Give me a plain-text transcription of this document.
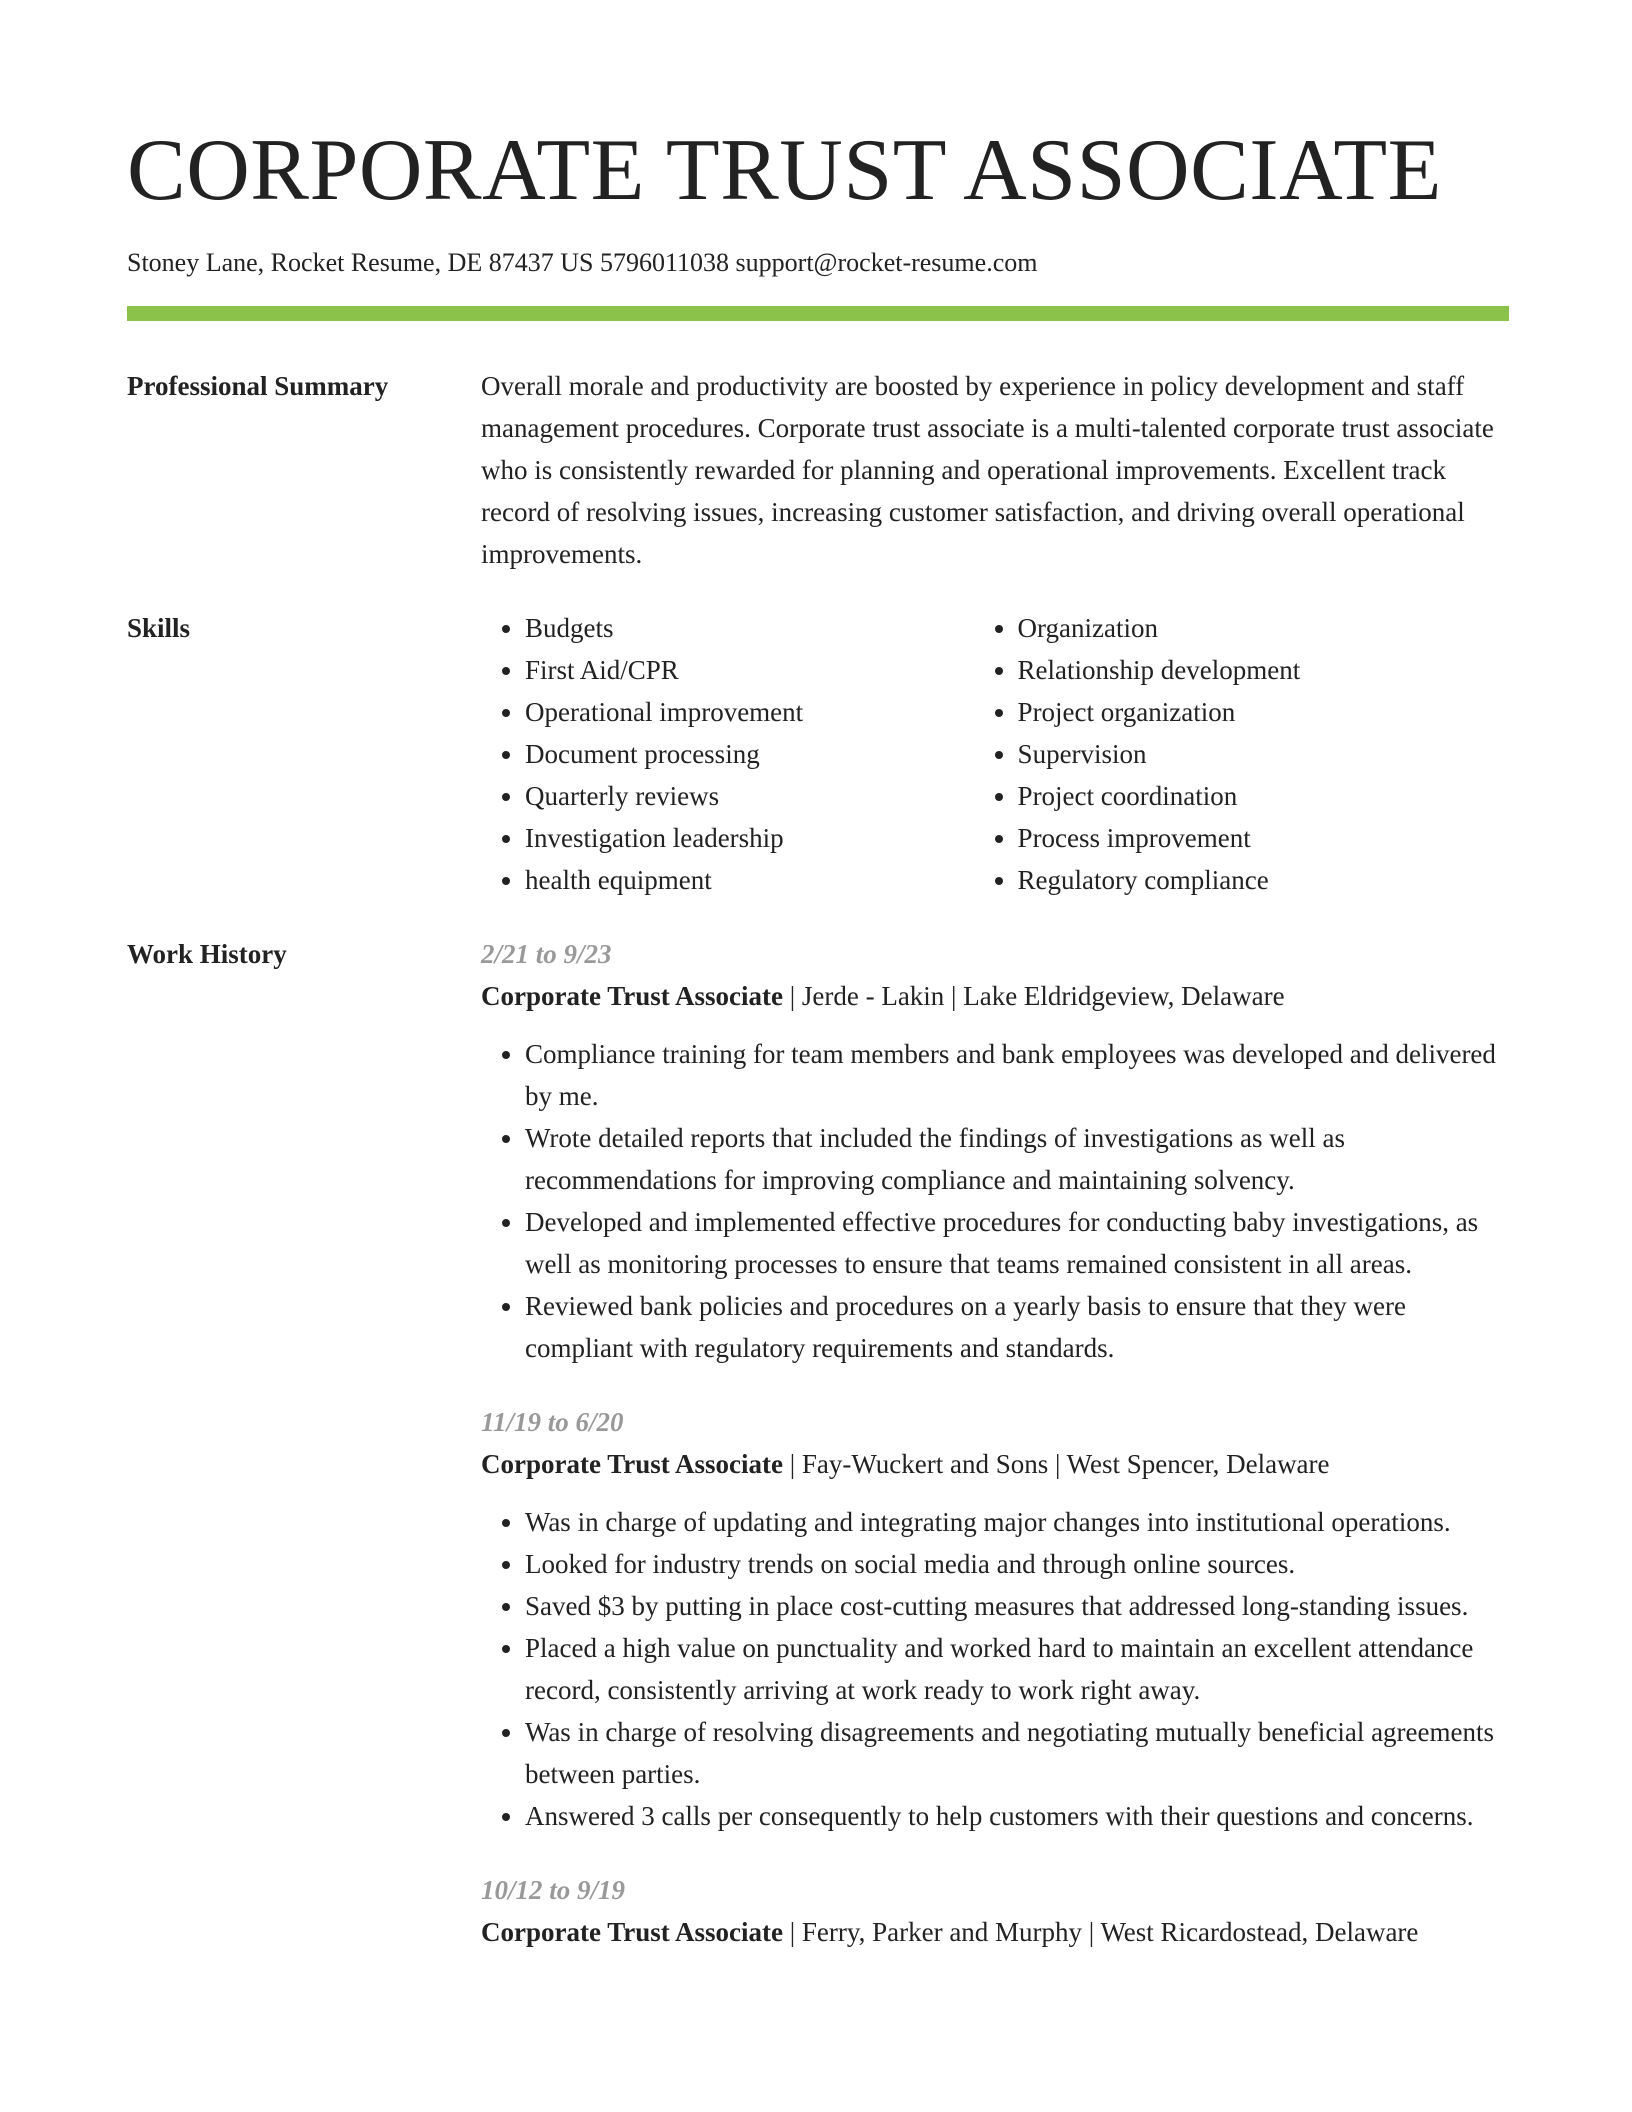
CORPORATE TRUST ASSOCIATE
Stoney Lane, Rocket Resume, DE 87437 US 5796011038 support@rocket-resume.com
Professional Summary	Overall morale and productivity are boosted by experience in policy development and staff management procedures. Corporate trust associate is a multi-talented corporate trust associate who is consistently rewarded for planning and operational improvements. Excellent track record of resolving issues, increasing customer satisfaction, and driving overall operational improvements.

Skills
•	Budgets
• First Aid/CPR
• Operational improvement
• Document processing
• Quarterly reviews
• Investigation leadership
• health equipment
• Organization
• Relationship development
• Project organization
• Supervision
• Project coordination
• Process improvement
• Regulatory compliance
Work History	2/21 to 9/23
Corporate Trust Associate | Jerde - Lakin | Lake Eldridgeview, Delaware
• Compliance training for team members and bank employees was developed and delivered by me.
• Wrote detailed reports that included the findings of investigations as well as recommendations for improving compliance and maintaining solvency.
• Developed and implemented effective procedures for conducting baby investigations, as well as monitoring processes to ensure that teams remained consistent in all areas.
• Reviewed bank policies and procedures on a yearly basis to ensure that they were compliant with regulatory requirements and standards.
11/19 to 6/20
Corporate Trust Associate | Fay-Wuckert and Sons | West Spencer, Delaware
• Was in charge of updating and integrating major changes into institutional operations.
• Looked for industry trends on social media and through online sources.
• Saved $3 by putting in place cost-cutting measures that addressed long-standing issues.
• Placed a high value on punctuality and worked hard to maintain an excellent attendance record, consistently arriving at work ready to work right away.
• Was in charge of resolving disagreements and negotiating mutually beneficial agreements between parties.
• Answered 3 calls per consequently to help customers with their questions and concerns.
10/12 to 9/19
Corporate Trust Associate | Ferry, Parker and Murphy | West Ricardostead, Delaware
